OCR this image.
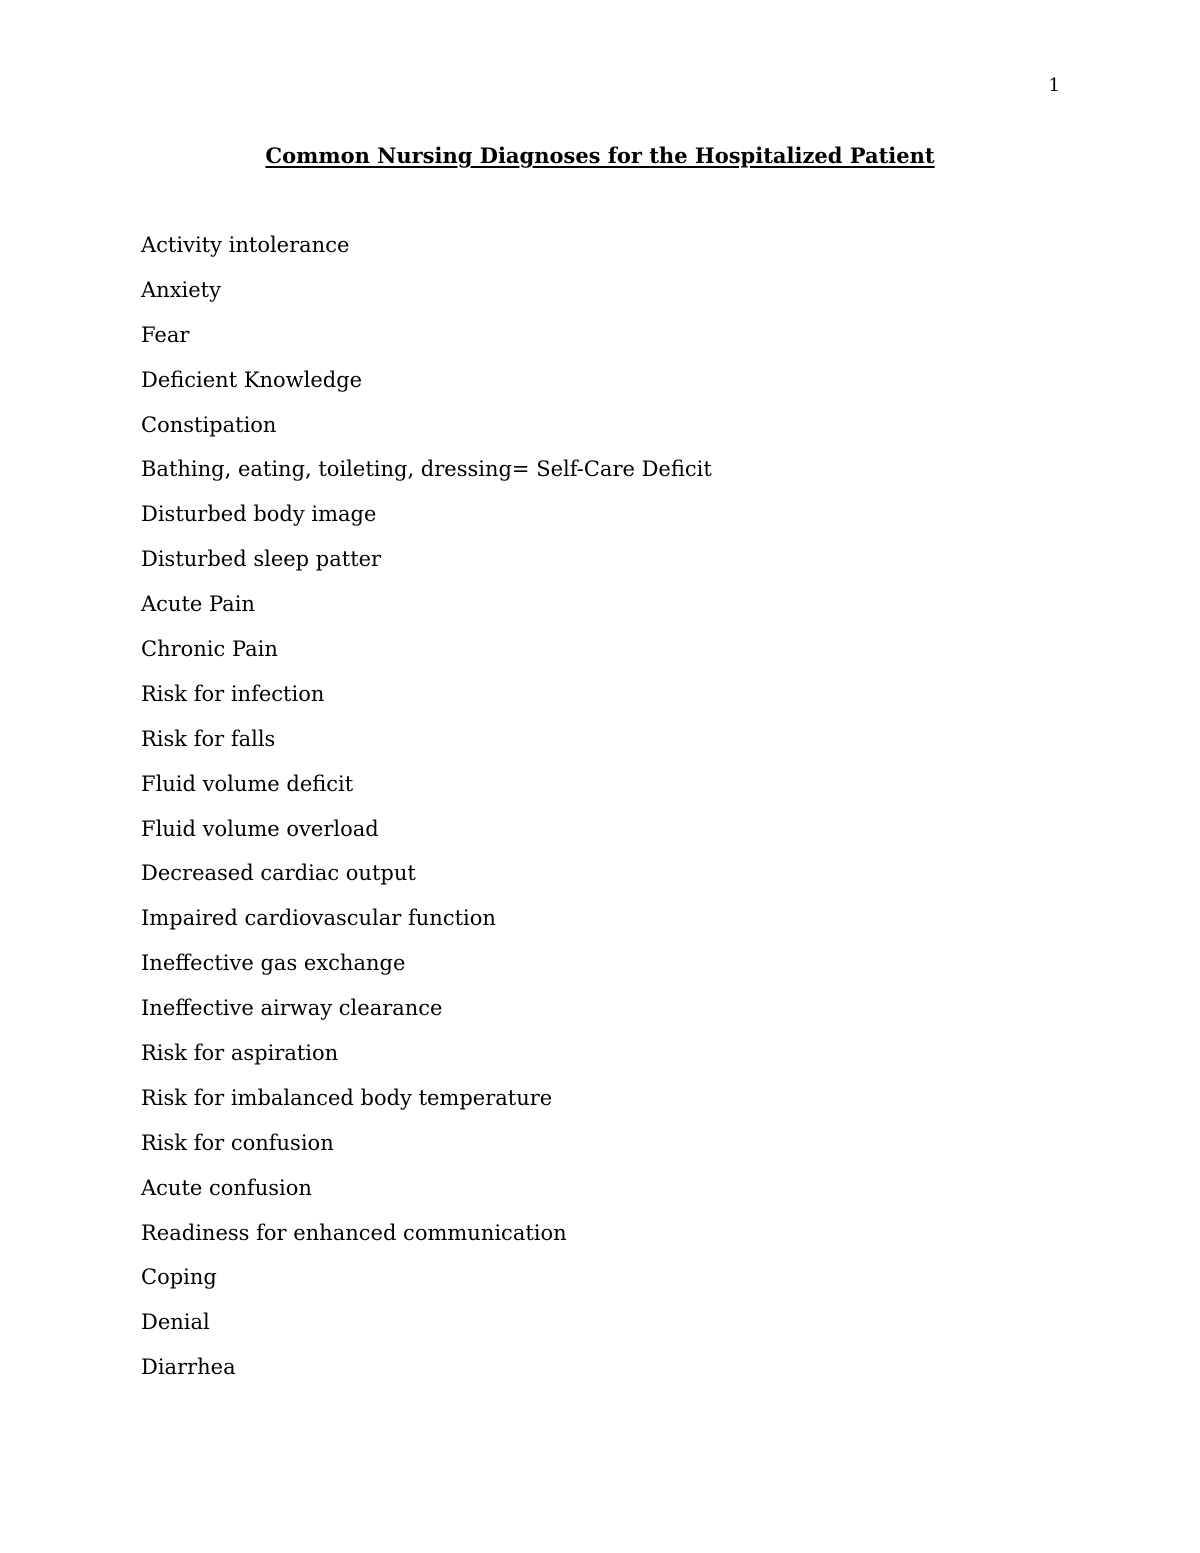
1
Common Nursing Diagnoses for the Hospitalized Patient
Activity intolerance
Anxiety
Fear
Deficient Knowledge
Constipation
Bathing, eating, toileting, dressing= Self-Care Deficit
Disturbed body image
Disturbed sleep patter
Acute Pain
Chronic Pain
Risk for infection
Risk for falls
Fluid volume deficit
Fluid volume overload
Decreased cardiac output
Impaired cardiovascular function
Ineffective gas exchange
Ineffective airway clearance
Risk for aspiration
Risk for imbalanced body temperature
Risk for confusion
Acute confusion
Readiness for enhanced communication
Coping
Denial
Diarrhea
